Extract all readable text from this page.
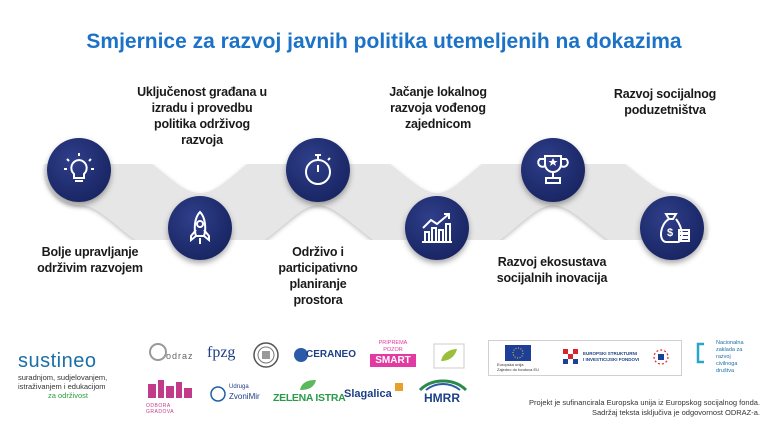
Smjernice za razvoj javnih politika utemeljenih na dokazima
$
Bolje upravljanje održivim razvojem
Uključenost građana u izradu i provedbu politika održivog razvoja
Održivo i participativno planiranje prostora
Jačanje lokalnog razvoja vođenog zajednicom
Razvoj ekosustava socijalnih inovacija
Razvoj socijalnog poduzetništva
sustineo
suradnjom, sudjelovanjem,
istraživanjem i edukacijom
za održivost
odraz fpzg	CERANEO
PRIPREMA
POZOR
SMART
ODBORA GRADOVA
Udruga
ZvoniMir ZELENA ISTRA
Slagalica	HMRR
Europska unija
Zajedno do fondova EU
EUROPSKI STRUKTURNI
I INVESTICIJSKI FONDOVI
Nacionalna
zaklada za
razvoj
civilnoga
društva
Projekt je sufinancirala Europska unija iz Europskog socijalnog fonda.
Sadržaj teksta isključiva je odgovornost ODRAZ-a.
